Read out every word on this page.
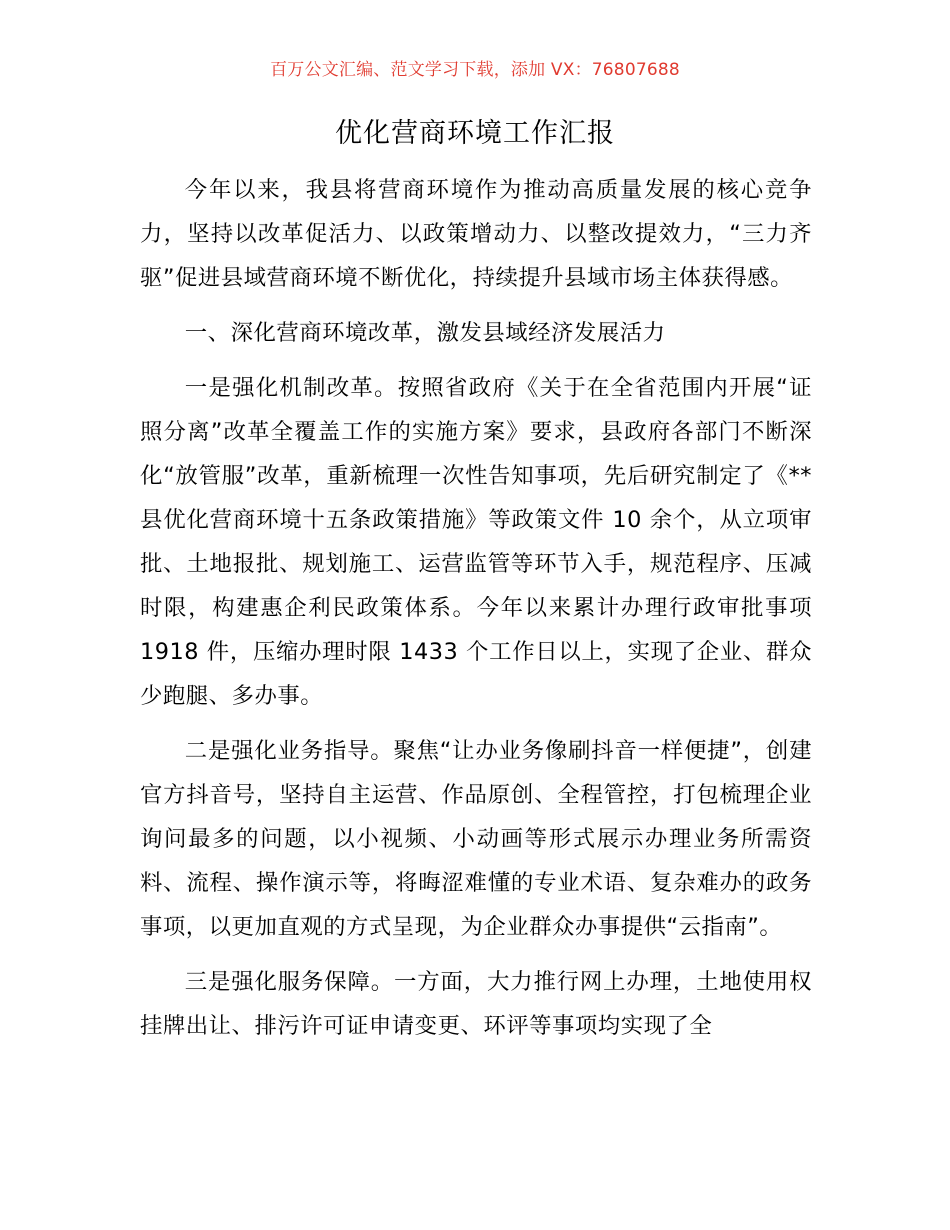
百万公文汇编、范文学习下载，添加 VX：76807688
优化营商环境工作汇报

今年以来，我县将营商环境作为推动高质量发展的核心竞争力，坚持以改革促活力、以政策增动力、以整改提效力，“三力齐驱”促进县域营商环境不断优化，持续提升县域市场主体获得感。

一、深化营商环境改革，激发县域经济发展活力

一是强化机制改革。按照省政府《关于在全省范围内开展“证照分离”改革全覆盖工作的实施方案》要求，县政府各部门不断深化“放管服”改革，重新梳理一次性告知事项，先后研究制定了《**县优化营商环境十五条政策措施》等政策文件 10 余个，从立项审批、土地报批、规划施工、运营监管等环节入手，规范程序、压减时限，构建惠企利民政策体系。今年以来累计办理行政审批事项 1918 件，压缩办理时限 1433 个工作日以上，实现了企业、群众少跑腿、多办事。

二是强化业务指导。聚焦“让办业务像刷抖音一样便捷”，创建官方抖音号，坚持自主运营、作品原创、全程管控，打包梳理企业询问最多的问题，以小视频、小动画等形式展示办理业务所需资料、流程、操作演示等，将晦涩难懂的专业术语、复杂难办的政务事项，以更加直观的方式呈现，为企业群众办事提供“云指南”。

三是强化服务保障。一方面，大力推行网上办理，土地使用权挂牌出让、排污许可证申请变更、环评等事项均实现了全
